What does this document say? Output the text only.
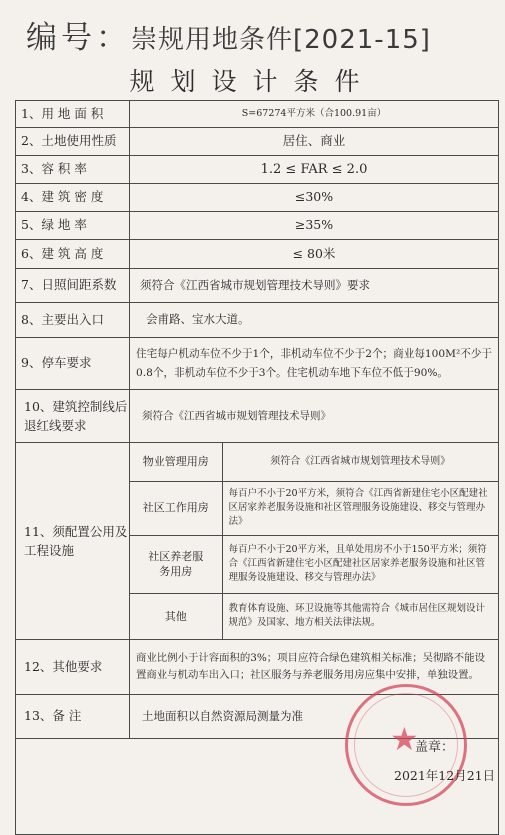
编号：崇规用地条件[2021-15]
规划设计条件
1、用 地 面 积	S=67274平方米（合100.91亩）
2、土地使用性质	居住、商业
3、容 积 率	1.2 ≤ FAR ≤ 2.0
4、建 筑 密 度	≤30%
5、绿 地 率	≥35%
6、建 筑 高 度	≤ 80米
7、日照间距系数	须符合《江西省城市规划管理技术导则》要求
8、主要出入口	会甫路、宝水大道。
9、停车要求	住宅每户机动车位不少于1个，非机动车位不少于2个；商业每100M²不少于0.8个，非机动车位不少于3个。住宅机动车地下车位不低于90%。
10、建筑控制线后退红线要求	须符合《江西省城市规划管理技术导则》
11、须配置公用及工程设施	
物业管理用房	须符合《江西省城市规划管理技术导则》
社区工作用房	每百户不小于20平方米，须符合《江西省新建住宅小区配建社区居家养老服务设施和社区管理服务设施建设、移交与管理办法》
社区养老服务用房	每百户不小于20平方米，且单处用房不小于150平方米；须符合《江西省新建住宅小区配建社区居家养老服务设施和社区管理服务设施建设、移交与管理办法》
其他	教育体育设施、环卫设施等其他需符合《城市居住区规划设计规范》及国家、地方相关法律法规。

12、其他要求	商业比例小于计容面积的3%；项目应符合绿色建筑相关标准；吴彻路不能设置商业与机动车出入口；社区服务与养老服务用房应集中安排，单独设置。
13、备 注	土地面积以自然资源局测量为准

★
盖章：
2021年12月21日
